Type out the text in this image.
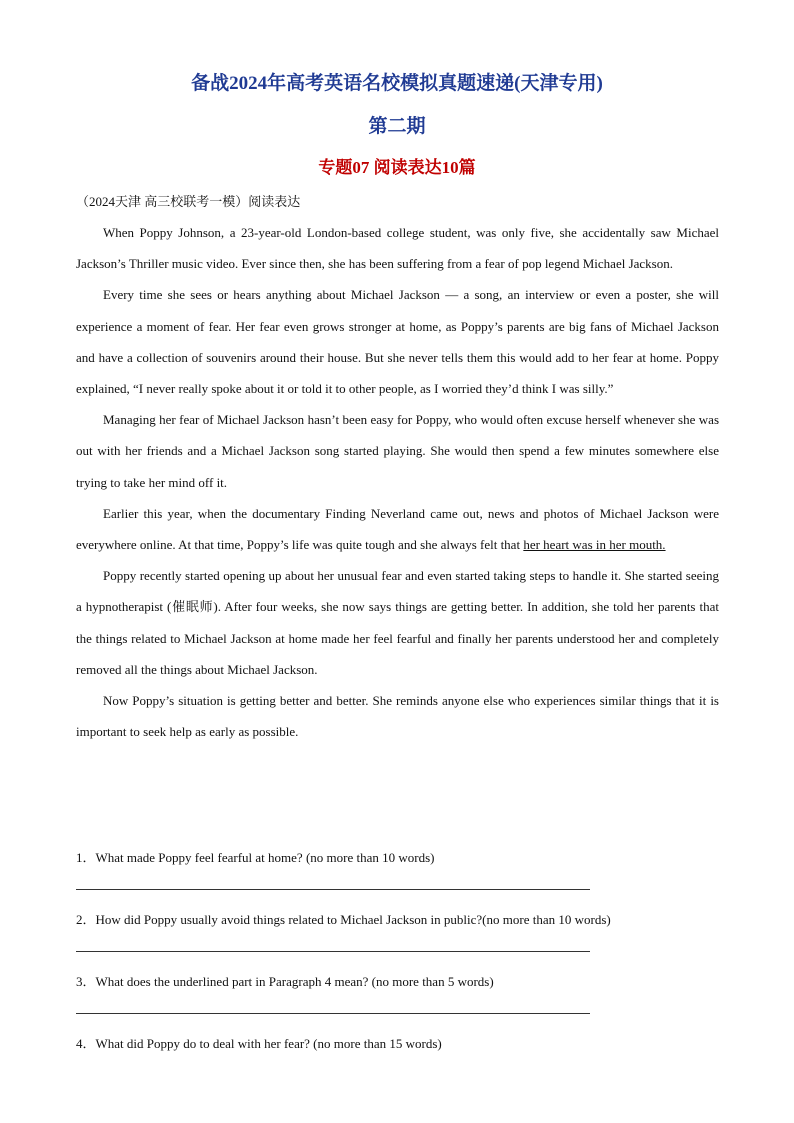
备战2024年高考英语名校模拟真题速递(天津专用)
第二期
专题07 阅读表达10篇
（2024天津 高三校联考一模）阅读表达

When Poppy Johnson, a 23-year-old London-based college student, was only five, she accidentally saw Michael Jackson’s Thriller music video. Ever since then, she has been suffering from a fear of pop legend Michael Jackson.

Every time she sees or hears anything about Michael Jackson — a song, an interview or even a poster, she will experience a moment of fear. Her fear even grows stronger at home, as Poppy’s parents are big fans of Michael Jackson and have a collection of souvenirs around their house. But she never tells them this would add to her fear at home. Poppy explained, “I never really spoke about it or told it to other people, as I worried they’d think I was silly.”

Managing her fear of Michael Jackson hasn’t been easy for Poppy, who would often excuse herself whenever she was out with her friends and a Michael Jackson song started playing. She would then spend a few minutes somewhere else trying to take her mind off it.

Earlier this year, when the documentary Finding Neverland came out, news and photos of Michael Jackson were everywhere online. At that time, Poppy’s life was quite tough and she always felt that her heart was in her mouth.

Poppy recently started opening up about her unusual fear and even started taking steps to handle it. She started seeing a hypnotherapist (催眠师). After four weeks, she now says things are getting better. In addition, she told her parents that the things related to Michael Jackson at home made her feel fearful and finally her parents understood her and completely removed all the things about Michael Jackson.

Now Poppy’s situation is getting better and better. She reminds anyone else who experiences similar things that it is important to seek help as early as possible.

1．What made Poppy feel fearful at home? (no more than 10 words)
2．How did Poppy usually avoid things related to Michael Jackson in public?(no more than 10 words)
3．What does the underlined part in Paragraph 4 mean? (no more than 5 words)
4．What did Poppy do to deal with her fear? (no more than 15 words)
